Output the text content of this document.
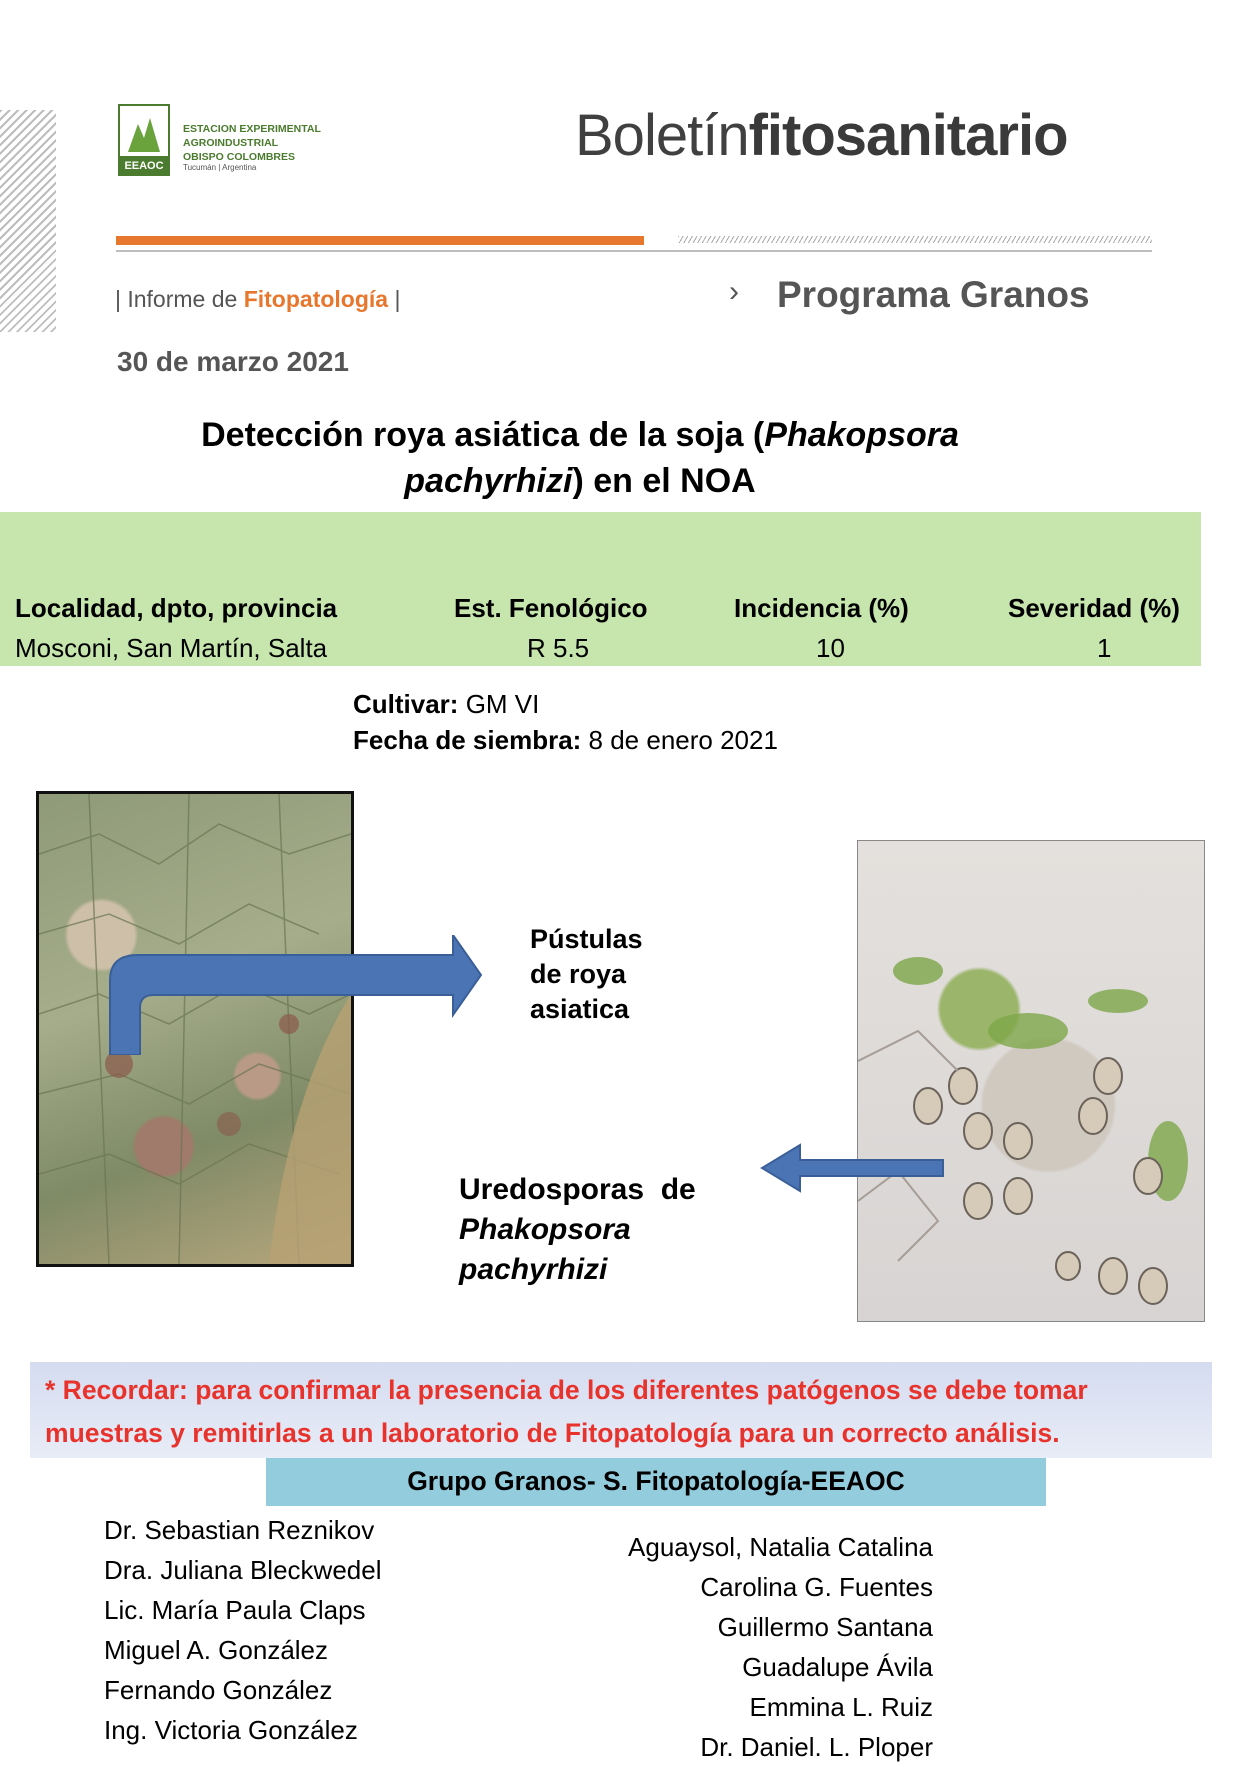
EEAOC
ESTACION EXPERIMENTAL
AGROINDUSTRIAL
OBISPO COLOMBRES
Tucumán | Argentina	Boletínfitosanitario
| Informe de Fitopatología |	› Programa Granos
30 de marzo 2021
Detección roya asiática de la soja (Phakopsora
pachyrhizi) en el NOA
Localidad, dpto, provincia	Est. Fenológico	Incidencia (%)	Severidad (%)
Mosconi, San Martín, Salta	R 5.5	10	1
Cultivar: GM VI
Fecha de siembra: 8 de enero 2021
Pústulas
de roya
asiatica
Uredosporas  de
Phakopsora
pachyrhizi
* Recordar: para confirmar la presencia de los diferentes patógenos se debe tomar muestras y remitirlas a un laboratorio de Fitopatología para un correcto análisis.
Grupo Granos- S. Fitopatología-EEAOC
Dr. Sebastian Reznikov
Dra. Juliana Bleckwedel
Lic. María Paula Claps
Miguel A. González
Fernando González
Ing. Victoria González
Aguaysol, Natalia Catalina
Carolina G. Fuentes
Guillermo Santana
Guadalupe Ávila
Emmina L. Ruiz
Dr. Daniel. L. Ploper
